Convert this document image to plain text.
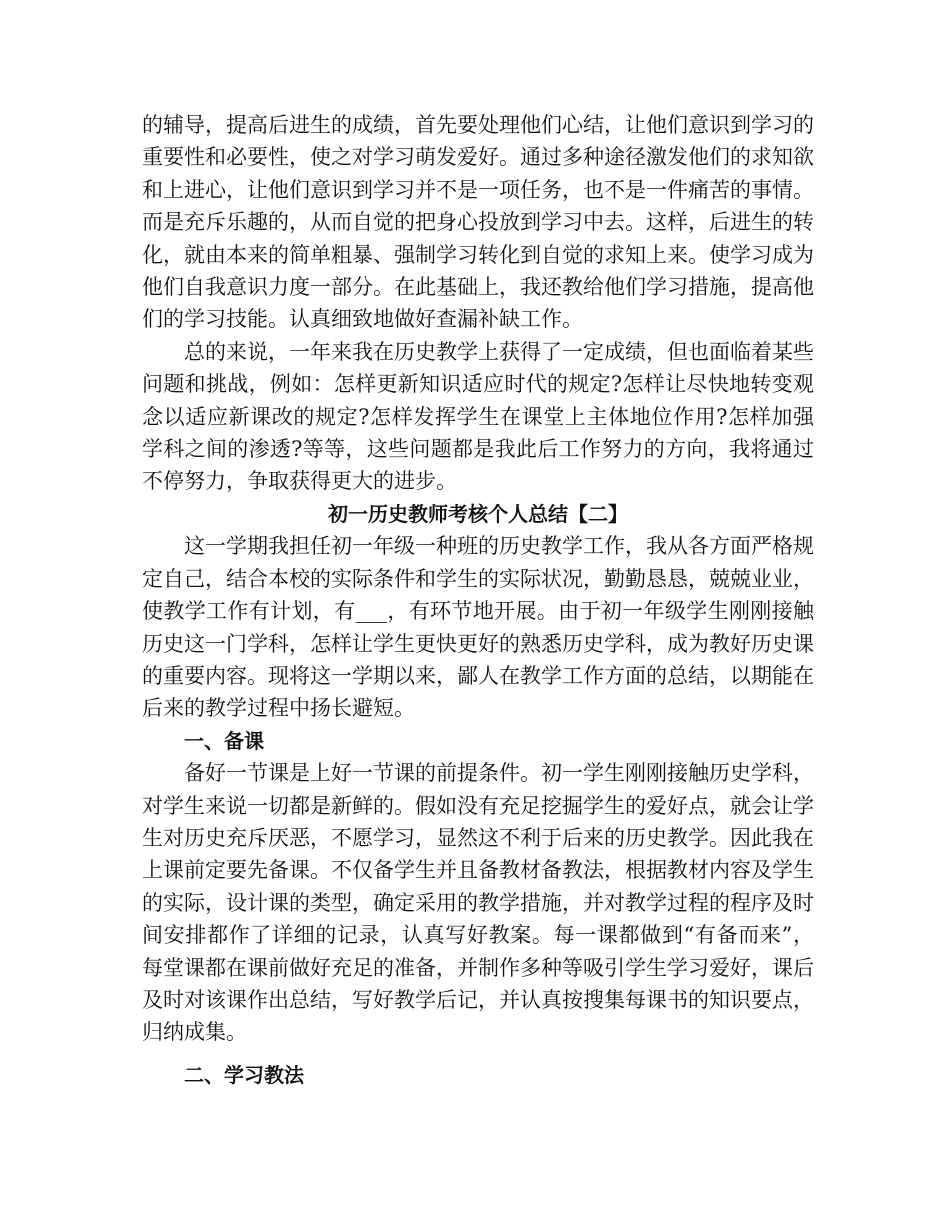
的辅导，提高后进生的成绩，首先要处理他们心结，让他们意识到学习的重要性和必要性，使之对学习萌发爱好。通过多种途径激发他们的求知欲和上进心，让他们意识到学习并不是一项任务，也不是一件痛苦的事情。而是充斥乐趣的，从而自觉的把身心投放到学习中去。这样，后进生的转化，就由本来的简单粗暴、强制学习转化到自觉的求知上来。使学习成为他们自我意识力度一部分。在此基础上，我还教给他们学习措施，提高他们的学习技能。认真细致地做好查漏补缺工作。

总的来说，一年来我在历史教学上获得了一定成绩，但也面临着某些问题和挑战，例如：怎样更新知识适应时代的规定?怎样让尽快地转变观念以适应新课改的规定?怎样发挥学生在课堂上主体地位作用?怎样加强学科之间的渗透?等等，这些问题都是我此后工作努力的方向，我将通过不停努力，争取获得更大的进步。

初一历史教师考核个人总结【二】

这一学期我担任初一年级一种班的历史教学工作，我从各方面严格规定自己，结合本校的实际条件和学生的实际状况，勤勤恳恳，兢兢业业，使教学工作有计划，有___，有环节地开展。由于初一年级学生刚刚接触历史这一门学科，怎样让学生更快更好的熟悉历史学科，成为教好历史课的重要内容。现将这一学期以来，鄙人在教学工作方面的总结，以期能在后来的教学过程中扬长避短。

一、备课

备好一节课是上好一节课的前提条件。初一学生刚刚接触历史学科，对学生来说一切都是新鲜的。假如没有充足挖掘学生的爱好点，就会让学生对历史充斥厌恶，不愿学习，显然这不利于后来的历史教学。因此我在上课前定要先备课。不仅备学生并且备教材备教法，根据教材内容及学生的实际，设计课的类型，确定采用的教学措施，并对教学过程的程序及时间安排都作了详细的记录，认真写好教案。每一课都做到“有备而来”，每堂课都在课前做好充足的准备，并制作多种等吸引学生学习爱好，课后及时对该课作出总结，写好教学后记，并认真按搜集每课书的知识要点，归纳成集。

二、学习教法
